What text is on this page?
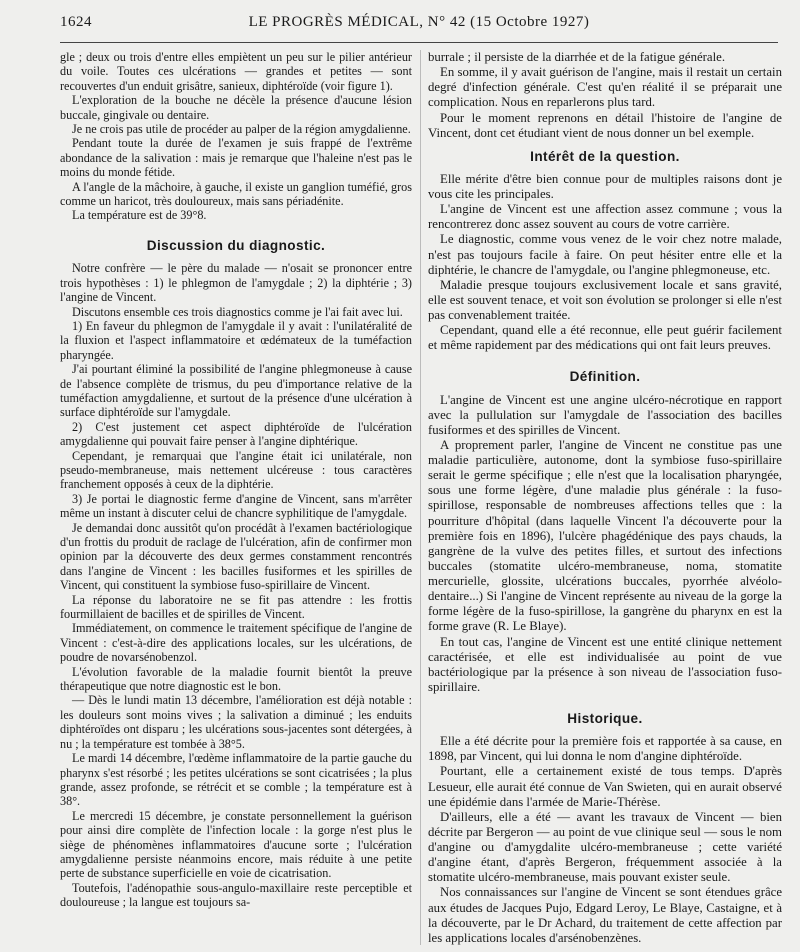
1624	LE PROGRÈS MÉDICAL, N° 42 (15 Octobre 1927)

gle ; deux ou trois d'entre elles empiètent un peu sur le pilier antérieur du voile. Toutes ces ulcérations — grandes et petites — sont recouvertes d'un enduit grisâtre, sanieux, diphtéroïde (voir figure 1).

L'exploration de la bouche ne décèle la présence d'aucune lésion buccale, gingivale ou dentaire.

Je ne crois pas utile de procéder au palper de la région amygdalienne.

Pendant toute la durée de l'examen je suis frappé de l'extrême abondance de la salivation : mais je remarque que l'haleine n'est pas le moins du monde fétide.

A l'angle de la mâchoire, à gauche, il existe un ganglion tuméfié, gros comme un haricot, très douloureux, mais sans périadénite.

La température est de 39°8.

Discussion du diagnostic.

Notre confrère — le père du malade — n'osait se prononcer entre trois hypothèses : 1) le phlegmon de l'amygdale ; 2) la diphtérie ; 3) l'angine de Vincent.

Discutons ensemble ces trois diagnostics comme je l'ai fait avec lui.

1) En faveur du phlegmon de l'amygdale il y avait : l'unilatéralité de la fluxion et l'aspect inflammatoire et œdémateux de la tuméfaction pharyngée.

J'ai pourtant éliminé la possibilité de l'angine phlegmoneuse à cause de l'absence complète de trismus, du peu d'importance relative de la tuméfaction amygdalienne, et surtout de la présence d'une ulcération à surface diphtéroïde sur l'amygdale.

2) C'est justement cet aspect diphtéroïde de l'ulcération amygdalienne qui pouvait faire penser à l'angine diphtérique.

Cependant, je remarquai que l'angine était ici unilatérale, non pseudo-membraneuse, mais nettement ulcéreuse : tous caractères franchement opposés à ceux de la diphtérie.

3) Je portai le diagnostic ferme d'angine de Vincent, sans m'arrêter même un instant à discuter celui de chancre syphilitique de l'amygdale.

Je demandai donc aussitôt qu'on procédât à l'examen bactériologique d'un frottis du produit de raclage de l'ulcération, afin de confirmer mon opinion par la découverte des deux germes constamment rencontrés dans l'angine de Vincent : les bacilles fusiformes et les spirilles de Vincent, qui constituent la symbiose fuso-spirillaire de Vincent.

La réponse du laboratoire ne se fit pas attendre : les frottis fourmillaient de bacilles et de spirilles de Vincent.

Immédiatement, on commence le traitement spécifique de l'angine de Vincent : c'est-à-dire des applications locales, sur les ulcérations, de poudre de novarsénobenzol.

L'évolution favorable de la maladie fournit bientôt la preuve thérapeutique que notre diagnostic est le bon.

— Dès le lundi matin 13 décembre, l'amélioration est déjà notable : les douleurs sont moins vives ; la salivation a diminué ; les enduits diphtéroïdes ont disparu ; les ulcérations sous-jacentes sont détergées, à nu ; la température est tombée à 38°5.

Le mardi 14 décembre, l'œdème inflammatoire de la partie gauche du pharynx s'est résorbé ; les petites ulcérations se sont cicatrisées ; la plus grande, assez profonde, se rétrécit et se comble ; la température est à 38°.

Le mercredi 15 décembre, je constate personnellement la guérison pour ainsi dire complète de l'infection locale : la gorge n'est plus le siège de phénomènes inflammatoires d'aucune sorte ; l'ulcération amygdalienne persiste néanmoins encore, mais réduite à une petite perte de substance superficielle en voie de cicatrisation.

Toutefois, l'adénopathie sous-angulo-maxillaire reste perceptible et douloureuse ; la langue est toujours sa-

burrale ; il persiste de la diarrhée et de la fatigue générale.

En somme, il y avait guérison de l'angine, mais il restait un certain degré d'infection générale. C'est qu'en réalité il se préparait une complication. Nous en reparlerons plus tard.

Pour le moment reprenons en détail l'histoire de l'angine de Vincent, dont cet étudiant vient de nous donner un bel exemple.

Intérêt de la question.

Elle mérite d'être bien connue pour de multiples raisons dont je vous cite les principales.

L'angine de Vincent est une affection assez commune ; vous la rencontrerez donc assez souvent au cours de votre carrière.

Le diagnostic, comme vous venez de le voir chez notre malade, n'est pas toujours facile à faire. On peut hésiter entre elle et la diphtérie, le chancre de l'amygdale, ou l'angine phlegmoneuse, etc.

Maladie presque toujours exclusivement locale et sans gravité, elle est souvent tenace, et voit son évolution se prolonger si elle n'est pas convenablement traitée.

Cependant, quand elle a été reconnue, elle peut guérir facilement et même rapidement par des médications qui ont fait leurs preuves.

Définition.

L'angine de Vincent est une angine ulcéro-nécrotique en rapport avec la pullulation sur l'amygdale de l'association des bacilles fusiformes et des spirilles de Vincent.

A proprement parler, l'angine de Vincent ne constitue pas une maladie particulière, autonome, dont la symbiose fuso-spirillaire serait le germe spécifique ; elle n'est que la localisation pharyngée, sous une forme légère, d'une maladie plus générale : la fuso-spirillose, responsable de nombreuses affections telles que : la pourriture d'hôpital (dans laquelle Vincent l'a découverte pour la première fois en 1896), l'ulcère phagédénique des pays chauds, la gangrène de la vulve des petites filles, et surtout des infections buccales (stomatite ulcéro-membraneuse, noma, stomatite mercurielle, glossite, ulcérations buccales, pyorrhée alvéolo-dentaire...) Si l'angine de Vincent représente au niveau de la gorge la forme légère de la fuso-spirillose, la gangrène du pharynx en est la forme grave (R. Le Blaye).

En tout cas, l'angine de Vincent est une entité clinique nettement caractérisée, et elle est individualisée au point de vue bactériologique par la présence à son niveau de l'association fuso-spirillaire.

Historique.

Elle a été décrite pour la première fois et rapportée à sa cause, en 1898, par Vincent, qui lui donna le nom d'angine diphtéroïde.

Pourtant, elle a certainement existé de tous temps. D'après Lesueur, elle aurait été connue de Van Swieten, qui en aurait observé une épidémie dans l'armée de Marie-Thérèse.

D'ailleurs, elle a été — avant les travaux de Vincent — bien décrite par Bergeron — au point de vue clinique seul — sous le nom d'angine ou d'amygdalite ulcéro-membraneuse ; cette variété d'angine étant, d'après Bergeron, fréquemment associée à la stomatite ulcéro-membraneuse, mais pouvant exister seule.

Nos connaissances sur l'angine de Vincent se sont étendues grâce aux études de Jacques Pujo, Edgard Leroy, Le Blaye, Castaigne, et à la découverte, par le Dr Achard, du traitement de cette affection par les applications locales d'arsénobenzènes.
